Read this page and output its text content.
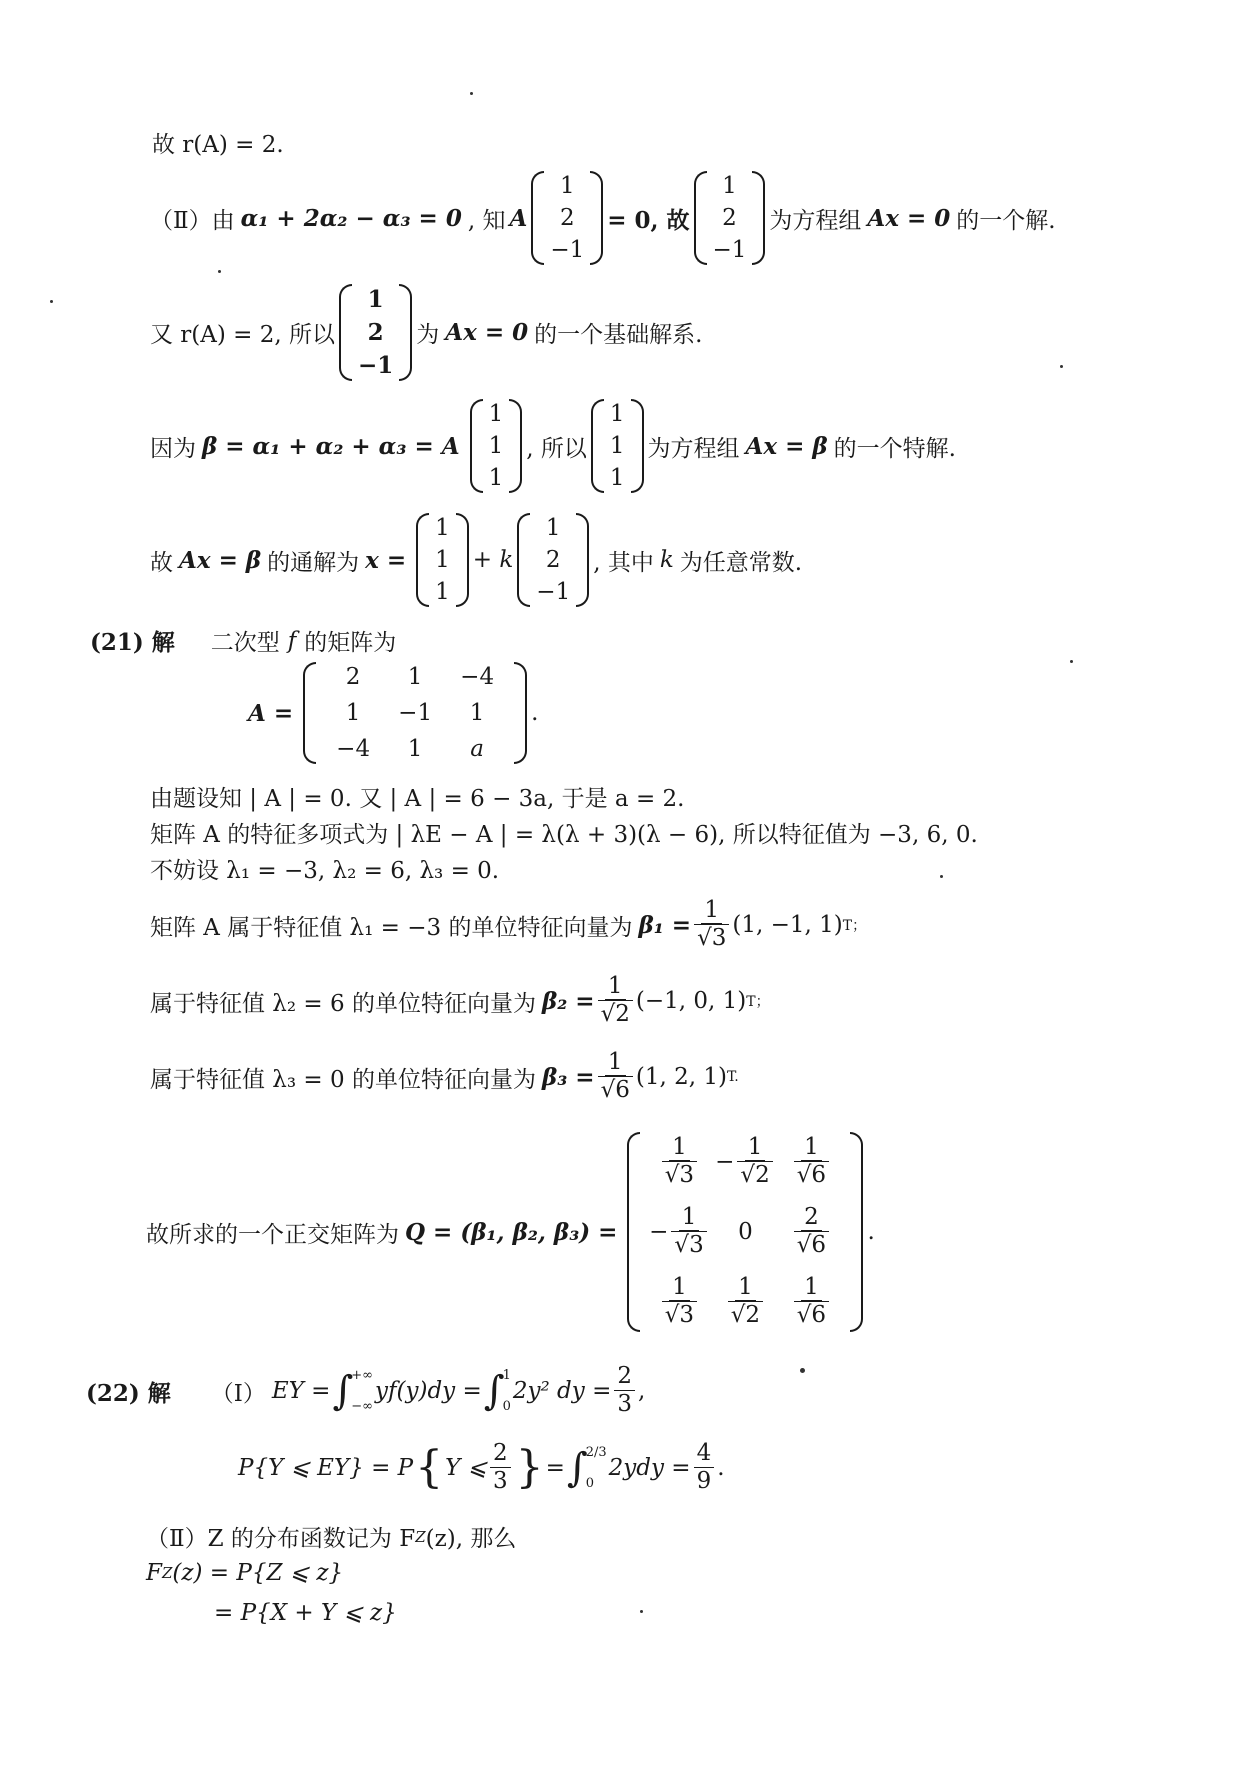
故 r(A) = 2.
（Ⅱ）由 α₁ + 2α₂ − α₃ = 0 , 知 A
1
2
−1
= 0, 故
1
2
−1
为方程组 Ax = 0 的一个解.
又 r(A) = 2, 所以
1
2
−1
为 Ax = 0 的一个基础解系.
因为 β = α₁ + α₂ + α₃ = A
1
1
1
, 所以
1
1
1
为方程组 Ax = β 的一个特解.
故 Ax = β 的通解为 x =
1
1
1
+ k
1
2
−1
, 其中 k 为任意常数.
(21) 解 二次型 f 的矩阵为
A =
2 1 −4
1 −1 1
−4 1 a
.
由题设知 | A | = 0. 又 | A | = 6 − 3a, 于是 a = 2.
矩阵 A 的特征多项式为 | λE − A | = λ(λ + 3)(λ − 6), 所以特征值为 −3, 6, 0.
不妨设 λ₁ = −3, λ₂ = 6, λ₃ = 0.
矩阵 A 属于特征值 λ₁ = −3 的单位特征向量为 $\beta_1 = \frac{1}{√3} (1$, −1, 1) T；
属于特征值 λ₂ = 6 的单位特征向量为 $\beta_2 = \frac{1}{√2} (-1$, 0, 1) T；
属于特征值 λ₃ = 0 的单位特征向量为 $\beta_3 = \frac{1}{√6} (1$, 2, 1) T.
故所求的一个正交矩阵为 Q = (β₁, β₂, β₃) =
$\frac{1}{√3} - \frac{1}{√2} \frac{1}{√6}$
− $\frac{1}{√3} 0 \frac{2}{√6}$
$\frac{1}{√3} \frac{1}{√2} \frac{1}{√6}$
.
(22) 解 （Ⅰ） EY = ∫
+∞
−∞
yf(y)dy = ∫
1
0
2y² dy = $\frac{2}{3}$ ,
P{Y ⩽ EY} = P { Y ⩽ $\frac{2}{3}$ } = ∫
2/3
0
$2ydy = \frac{4}{9}$ .
（Ⅱ）Z 的分布函数记为 F Z (z), 那么
F Z (z) = P{Z ⩽ z}
= P{X + Y ⩽ z}
